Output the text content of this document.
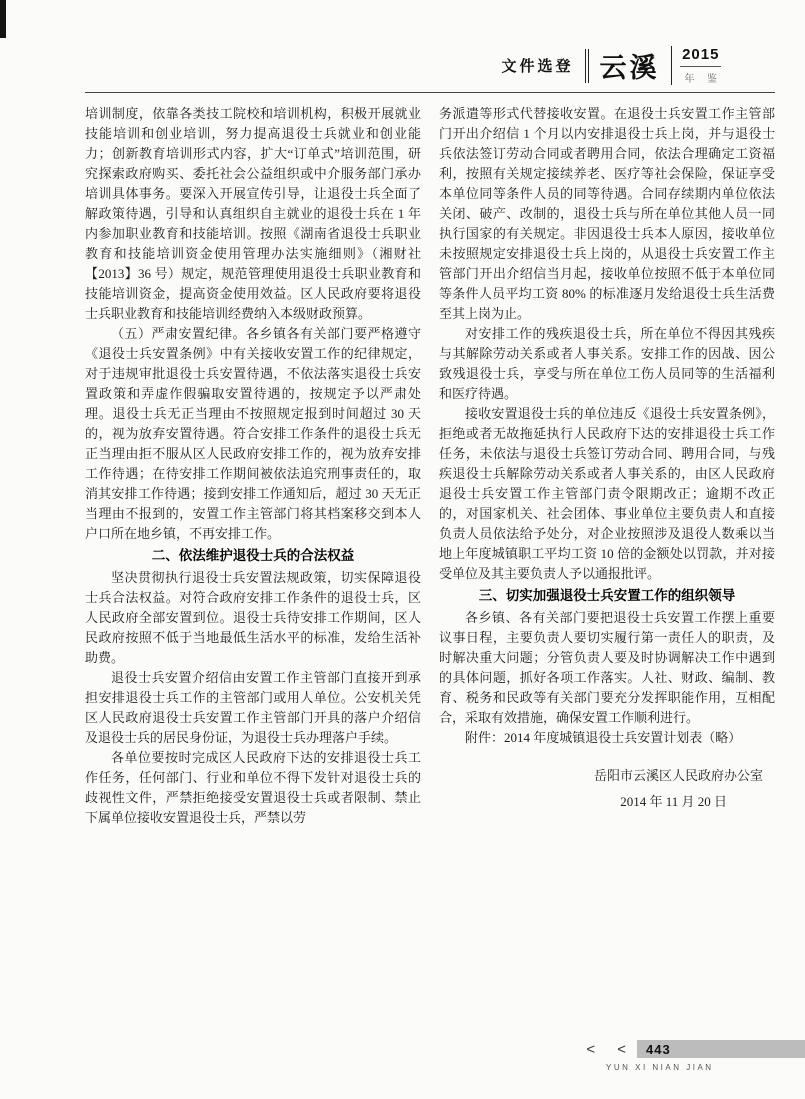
文件选登 云溪 2015
年 鉴

培训制度，依靠各类技工院校和培训机构，积极开展就业技能培训和创业培训，努力提高退役士兵就业和创业能力；创新教育培训形式内容，扩大“订单式”培训范围，研究探索政府购买、委托社会公益组织或中介服务部门承办培训具体事务。要深入开展宣传引导，让退役士兵全面了解政策待遇，引导和认真组织自主就业的退役士兵在 1 年内参加职业教育和技能培训。按照《湖南省退役士兵职业教育和技能培训资金使用管理办法实施细则》（湘财社【2013】36 号）规定，规范管理使用退役士兵职业教育和技能培训资金，提高资金使用效益。区人民政府要将退役士兵职业教育和技能培训经费纳入本级财政预算。

（五）严肃安置纪律。各乡镇各有关部门要严格遵守《退役士兵安置条例》中有关接收安置工作的纪律规定，对于违规审批退役士兵安置待遇，不依法落实退役士兵安置政策和弄虚作假骗取安置待遇的，按规定予以严肃处理。退役士兵无正当理由不按照规定报到时间超过 30 天的，视为放弃安置待遇。符合安排工作条件的退役士兵无正当理由拒不服从区人民政府安排工作的，视为放弃安排工作待遇；在待安排工作期间被依法追究刑事责任的，取消其安排工作待遇；接到安排工作通知后，超过 30 天无正当理由不报到的，安置工作主管部门将其档案移交到本人户口所在地乡镇，不再安排工作。

二、依法维护退役士兵的合法权益

坚决贯彻执行退役士兵安置法规政策，切实保障退役士兵合法权益。对符合政府安排工作条件的退役士兵，区人民政府全部安置到位。退役士兵待安排工作期间，区人民政府按照不低于当地最低生活水平的标准，发给生活补助费。

退役士兵安置介绍信由安置工作主管部门直接开到承担安排退役士兵工作的主管部门或用人单位。公安机关凭区人民政府退役士兵安置工作主管部门开具的落户介绍信及退役士兵的居民身份证，为退役士兵办理落户手续。

各单位要按时完成区人民政府下达的安排退役士兵工作任务，任何部门、行业和单位不得下发针对退役士兵的歧视性文件，严禁拒绝接受安置退役士兵或者限制、禁止下属单位接收安置退役士兵，严禁以劳

务派遣等形式代替接收安置。在退役士兵安置工作主管部门开出介绍信 1 个月以内安排退役士兵上岗，并与退役士兵依法签订劳动合同或者聘用合同，依法合理确定工资福利，按照有关规定接续养老、医疗等社会保险，保证享受本单位同等条件人员的同等待遇。合同存续期内单位依法关闭、破产、改制的，退役士兵与所在单位其他人员一同执行国家的有关规定。非因退役士兵本人原因，接收单位未按照规定安排退役士兵上岗的，从退役士兵安置工作主管部门开出介绍信当月起，接收单位按照不低于本单位同等条件人员平均工资 80% 的标准逐月发给退役士兵生活费至其上岗为止。

对安排工作的残疾退役士兵，所在单位不得因其残疾与其解除劳动关系或者人事关系。安排工作的因战、因公致残退役士兵，享受与所在单位工伤人员同等的生活福利和医疗待遇。

接收安置退役士兵的单位违反《退役士兵安置条例》，拒绝或者无故拖延执行人民政府下达的安排退役士兵工作任务，未依法与退役士兵签订劳动合同、聘用合同，与残疾退役士兵解除劳动关系或者人事关系的，由区人民政府退役士兵安置工作主管部门责令限期改正；逾期不改正的，对国家机关、社会团体、事业单位主要负责人和直接负责人员依法给予处分，对企业按照涉及退役人数乘以当地上年度城镇职工平均工资 10 倍的金额处以罚款，并对接受单位及其主要负责人予以通报批评。

三、切实加强退役士兵安置工作的组织领导

各乡镇、各有关部门要把退役士兵安置工作摆上重要议事日程，主要负责人要切实履行第一责任人的职责，及时解决重大问题；分管负责人要及时协调解决工作中遇到的具体问题，抓好各项工作落实。人社、财政、编制、教育、税务和民政等有关部门要充分发挥职能作用，互相配合，采取有效措施，确保安置工作顺利进行。

附件：2014 年度城镇退役士兵安置计划表（略）

岳阳市云溪区人民政府办公室

2014 年 11 月 20 日

< < 443
YUN XI NIAN JIAN
